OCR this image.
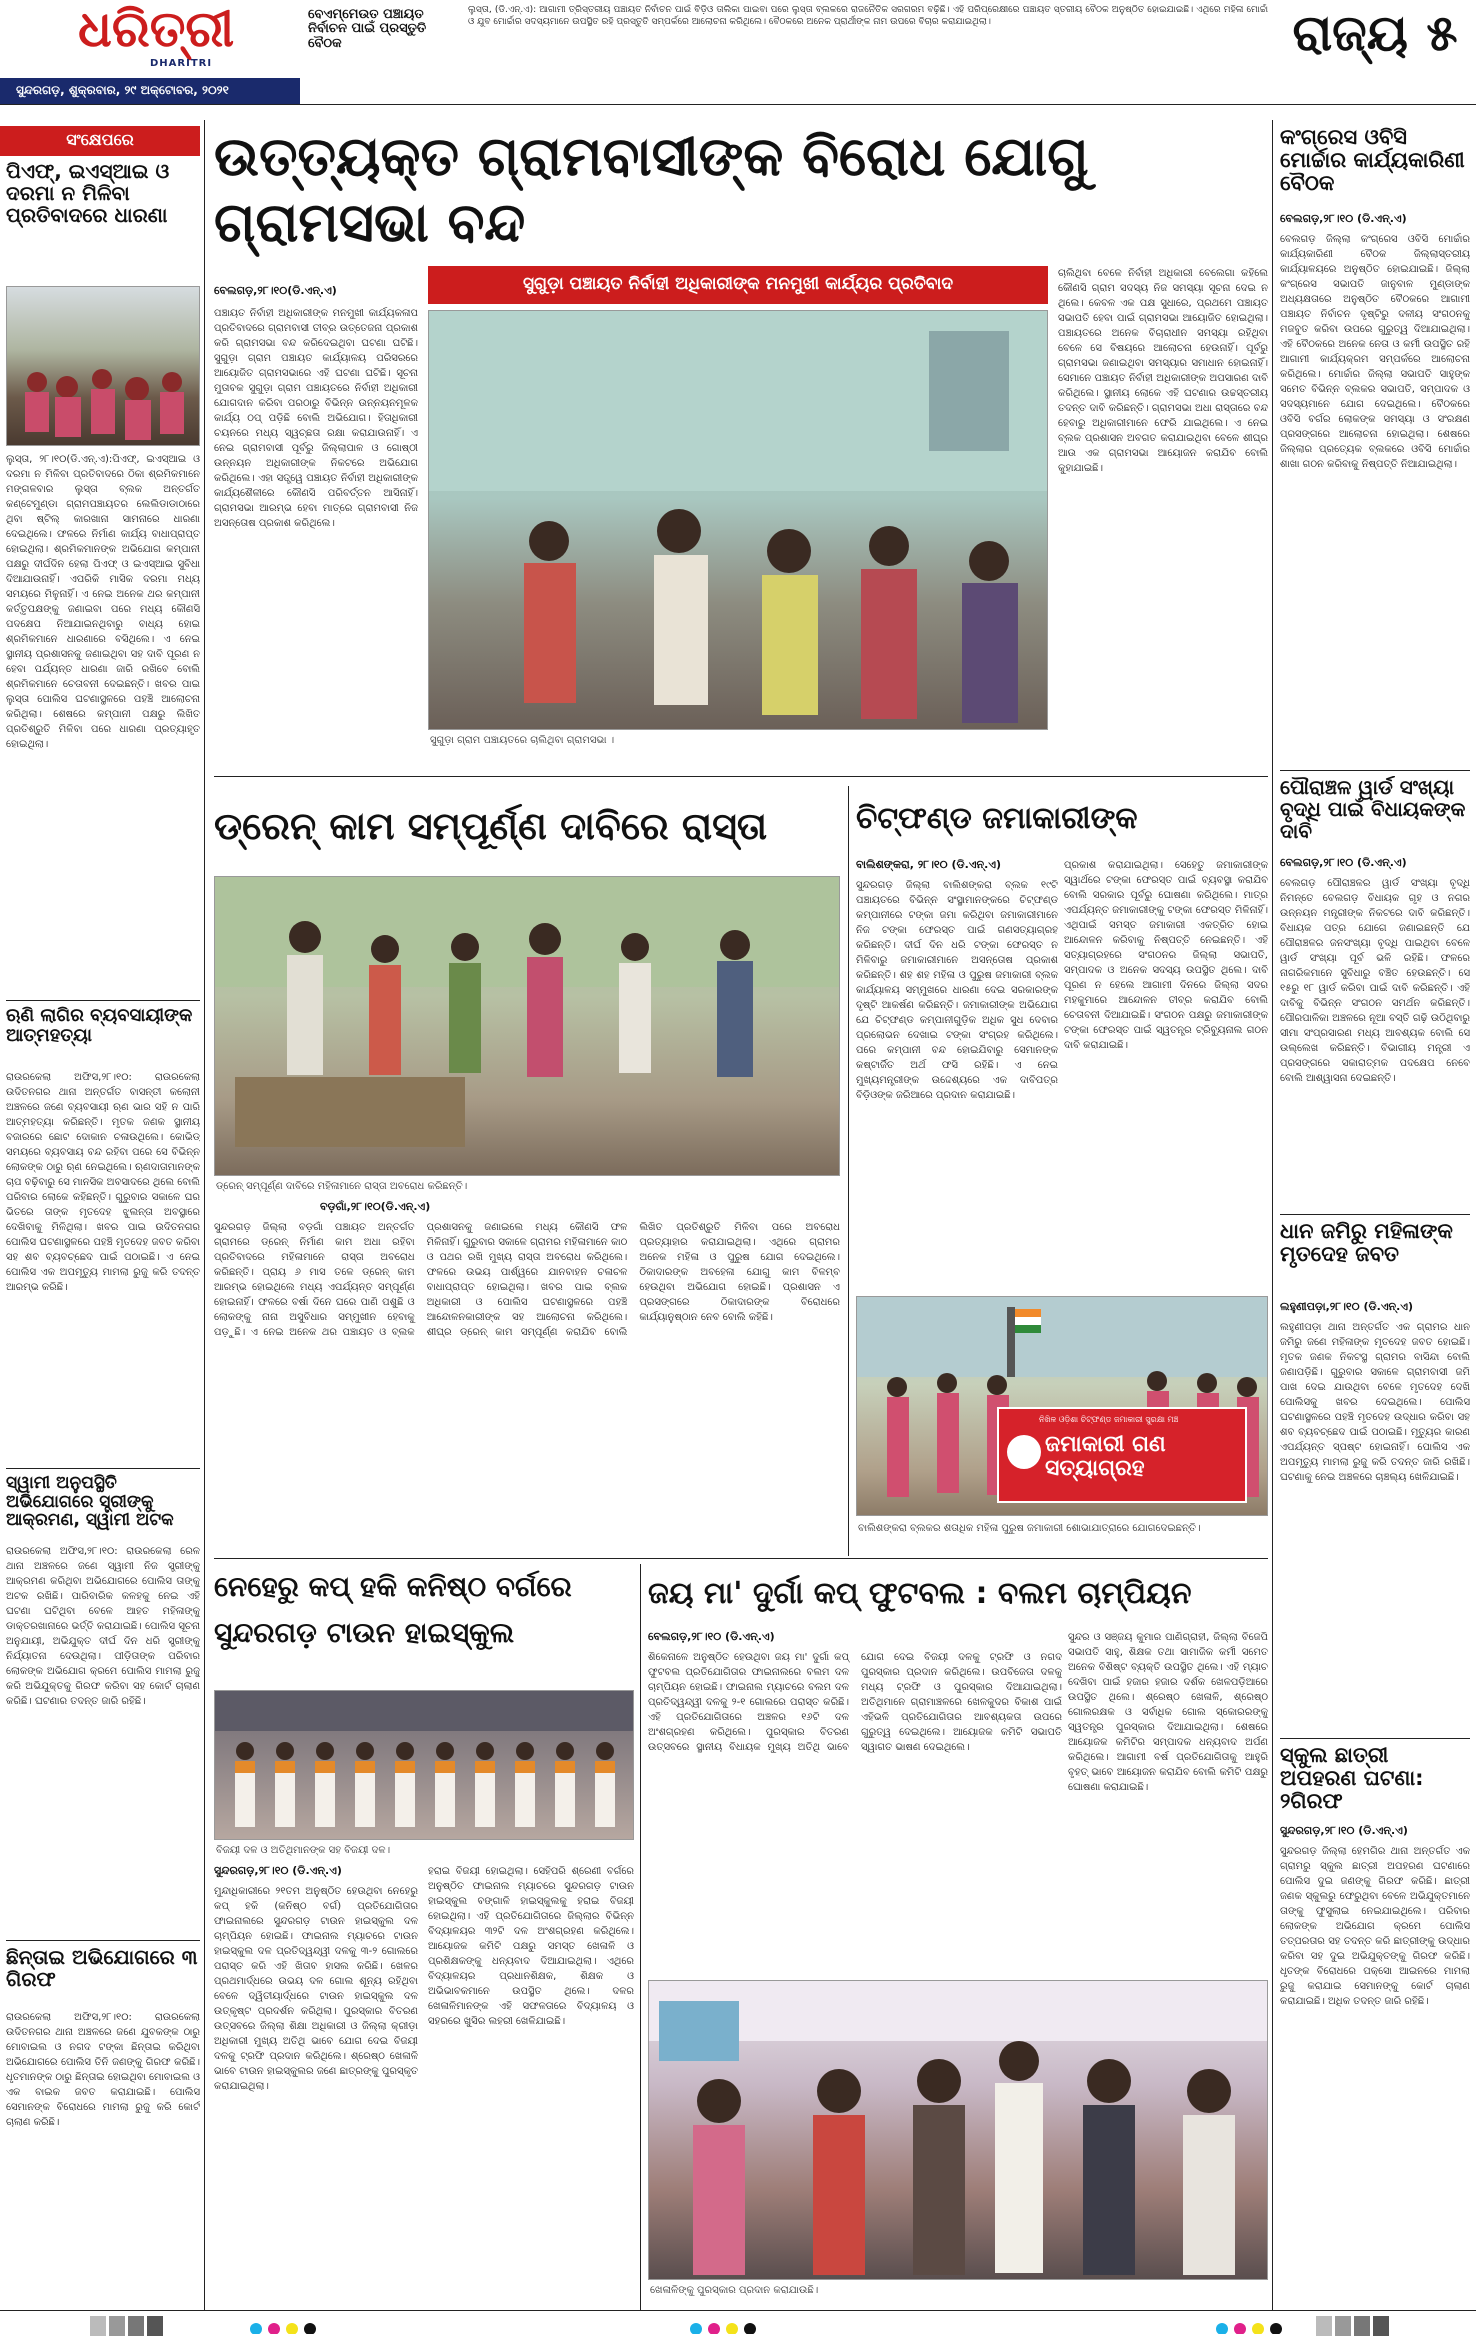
ଧରିତ୍ରୀ
DHARITRI
ସୁନ୍ଦରଗଡ଼, ଶୁକ୍ରବାର, ୨୯ ଅକ୍ଟୋବର, ୨୦୨୧
ବେଏମ୍‌ମେଉତ ପଞ୍ଚାୟତ ନିର୍ବାଚନ ପାଇଁ ପ୍ରସ୍ତୁତି ବୈଠକ
ଲୁସ୍ତା, (ଡି.ଏନ୍.ଏ): ଆଗାମୀ ତ୍ରିସ୍ତରୀୟ ପଞ୍ଚାୟତ ନିର୍ବାଚନ ପାଇଁ ବିଡ଼ିଓ ତାଲିକା ପାଇବା ପରେ ଲୁସ୍ତା ବ୍ଲକରେ ରାଜନୈତିକ ସରଗରମ ବଢ଼ିଛି। ଏହି ପରିପ୍ରେକ୍ଷୀରେ ପଞ୍ଚାୟତ ସ୍ତରୀୟ ବୈଠକ ଅନୁଷ୍ଠିତ ହୋଇଯାଇଛି। ଏଥିରେ ମହିଳା ମୋର୍ଚ୍ଚା ଓ ଯୁବ ମୋର୍ଚ୍ଚାର ସଦସ୍ୟମାନେ ଉପସ୍ଥିତ ରହି ପ୍ରସ୍ତୁତି ସମ୍ପର୍କରେ ଆଲୋଚନା କରିଥିଲେ। ବୈଠକରେ ଅନେକ ପ୍ରାର୍ଥୀଙ୍କ ନାମ ଉପରେ ବିଚାର କରାଯାଇଥିଲା।	ରାଜ୍ୟ ୫
ସଂକ୍ଷେପରେ
ପିଏଫ୍, ଇଏସ୍‌ଆଇ ଓ ଦରମା ନ ମିଳିବା ପ୍ରତିବାଦରେ ଧାରଣା
ଲୁସ୍ତା, ୨୮।୧୦(ଡି.ଏନ୍.ଏ):ପିଏଫ୍, ଇଏସ୍‌ଆଇ ଓ ଦରମା ନ ମିଳିବା ପ୍ରତିବାଦରେ ଠିକା ଶ୍ରମିକମାନେ ମଙ୍ଗଳବାର ଲୁସ୍ତା ବ୍ଲକ ଅନ୍ତର୍ଗତ କଣ୍ଟେମୁଣ୍ଡା ଗ୍ରାମପଞ୍ଚାୟତର ଲେଲିଡାଡାଠାରେ ଥିବା ଷ୍ଟିଲ୍ କାରଖାନା ସାମନାରେ ଧାରଣା ଦେଇଥିଲେ। ଫଳରେ ନିର୍ମାଣ କାର୍ଯ୍ୟ ବାଧାପ୍ରାପ୍ତ ହୋଇଥିଲା। ଶ୍ରମିକମାନଙ୍କ ଅଭିଯୋଗ କମ୍ପାନୀ ପକ୍ଷରୁ ଦୀର୍ଘଦିନ ହେଲା ପିଏଫ୍ ଓ ଇଏସ୍‌ଆଇ ସୁବିଧା ଦିଆଯାଉନାହିଁ। ଏପରିକି ମାସିକ ଦରମା ମଧ୍ୟ ସମୟରେ ମିଳୁନାହିଁ। ଏ ନେଇ ଅନେକ ଥର କମ୍ପାନୀ କର୍ତ୍ତୃପକ୍ଷଙ୍କୁ ଜଣାଇବା ପରେ ମଧ୍ୟ କୌଣସି ପଦକ୍ଷେପ ନିଆଯାଇନଥିବାରୁ ବାଧ୍ୟ ହୋଇ ଶ୍ରମିକମାନେ ଧାରଣାରେ ବସିଥିଲେ। ଏ ନେଇ ସ୍ଥାନୀୟ ପ୍ରଶାସନକୁ ଜଣାଇଥିବା ସହ ଦାବି ପୂରଣ ନ ହେବା ପର୍ଯ୍ୟନ୍ତ ଧାରଣା ଜାରି ରଖିବେ ବୋଲି ଶ୍ରମିକମାନେ ଚେତାବନୀ ଦେଇଛନ୍ତି। ଖବର ପାଇ ଲୁସ୍ତା ପୋଲିସ ଘଟଣାସ୍ଥଳରେ ପହଞ୍ଚି ଆଲୋଚନା କରିଥିଲା। ଶେଷରେ କମ୍ପାନୀ ପକ୍ଷରୁ ଲିଖିତ ପ୍ରତିଶ୍ରୁତି ମିଳିବା ପରେ ଧାରଣା ପ୍ରତ୍ୟାହୃତ ହୋଇଥିଲା।
ଋଣି ଲାଗିର ବ୍ୟବସାୟୀଙ୍କ ଆତ୍ମହତ୍ୟା
ରାଉରକେଲା ଅଫିସ,୨୮।୧୦: ରାଉରକେଲା ଉଦିତନଗର ଥାନା ଅନ୍ତର୍ଗତ ବାସନ୍ତୀ କଲୋନୀ ଅଞ୍ଚଳରେ ଜଣେ ବ୍ୟବସାୟୀ ଋଣ ଭାର ସହି ନ ପାରି ଆତ୍ମହତ୍ୟା କରିଛନ୍ତି। ମୃତକ ଜଣକ ସ୍ଥାନୀୟ ବଜାରରେ ଛୋଟ ଦୋକାନ ଚଳାଉଥିଲେ। କୋଭିଡ୍ ସମୟରେ ବ୍ୟବସାୟ ବନ୍ଦ ରହିବା ପରେ ସେ ବିଭିନ୍ନ ଲୋକଙ୍କ ଠାରୁ ଋଣ ନେଇଥିଲେ। ଋଣଦାତାମାନଙ୍କ ଚାପ ବଢ଼ିବାରୁ ସେ ମାନସିକ ଅବସାଦରେ ଥିଲେ ବୋଲି ପରିବାର ଲୋକେ କହିଛନ୍ତି। ଗୁରୁବାର ସକାଳେ ଘର ଭିତରେ ତାଙ୍କ ମୃତଦେହ ଝୁଲନ୍ତା ଅବସ୍ଥାରେ ଦେଖିବାକୁ ମିଳିଥିଲା। ଖବର ପାଇ ଉଦିତନଗର ପୋଲିସ ଘଟଣାସ୍ଥଳରେ ପହଞ୍ଚି ମୃତଦେହ ଜବତ କରିବା ସହ ଶବ ବ୍ୟବଚ୍ଛେଦ ପାଇଁ ପଠାଇଛି। ଏ ନେଇ ପୋଲିସ ଏକ ଅପମୃତ୍ୟୁ ମାମଲା ରୁଜୁ କରି ତଦନ୍ତ ଆରମ୍ଭ କରିଛି।
ସ୍ୱାମୀ ଅନୁପସ୍ଥିତି ଅଭିଯୋଗରେ ସ୍ତ୍ରୀଙ୍କୁ ଆକ୍ରମଣ, ସ୍ୱାମୀ ଅଟକ
ରାଉରକେଲା ଅଫିସ,୨୮।୧୦: ରାଉରକେଲା ରେଳ ଥାନା ଅଞ୍ଚଳରେ ଜଣେ ସ୍ୱାମୀ ନିଜ ସ୍ତ୍ରୀଙ୍କୁ ଆକ୍ରମଣ କରିଥିବା ଅଭିଯୋଗରେ ପୋଲିସ ତାଙ୍କୁ ଅଟକ ରଖିଛି। ପାରିବାରିକ କଳହକୁ ନେଇ ଏହି ଘଟଣା ଘଟିଥିବା ବେଳେ ଆହତ ମହିଳାଙ୍କୁ ଡାକ୍ତରଖାନାରେ ଭର୍ତ୍ତି କରାଯାଇଛି। ପୋଲିସ ସୂଚନା ଅନୁଯାୟୀ, ଅଭିଯୁକ୍ତ ଦୀର୍ଘ ଦିନ ଧରି ସ୍ତ୍ରୀଙ୍କୁ ନିର୍ଯ୍ୟାତନା ଦେଉଥିଲା। ପୀଡ଼ିତାଙ୍କ ପରିବାର ଲୋକଙ୍କ ଅଭିଯୋଗ କ୍ରମେ ପୋଲିସ ମାମଲା ରୁଜୁ କରି ଅଭିଯୁକ୍ତକୁ ଗିରଫ କରିବା ସହ କୋର୍ଟ ଚାଲାଣ କରିଛି। ଘଟଣାର ତଦନ୍ତ ଜାରି ରହିଛି।
ଛିନ୍ତାଇ ଅଭିଯୋଗରେ ୩ ଗିରଫ
ରାଉରକେଲା ଅଫିସ,୨୮।୧୦: ରାଉରକେଲା ଉଦିତନଗର ଥାନା ଅଞ୍ଚଳରେ ଜଣେ ଯୁବକଙ୍କ ଠାରୁ ମୋବାଇଲ ଓ ନଗଦ ଟଙ୍କା ଛିନ୍ତାଇ କରିଥିବା ଅଭିଯୋଗରେ ପୋଲିସ ତିନି ଜଣଙ୍କୁ ଗିରଫ କରିଛି। ଧୃତମାନଙ୍କ ଠାରୁ ଛିନ୍ତାଇ ହୋଇଥିବା ମୋବାଇଲ ଓ ଏକ ବାଇକ ଜବତ କରାଯାଇଛି। ପୋଲିସ ସେମାନଙ୍କ ବିରୋଧରେ ମାମଲା ରୁଜୁ କରି କୋର୍ଟ ଚାଲାଣ କରିଛି।
ଉତ୍ତ୍ୟକ୍ତ ଗ୍ରାମବାସୀଙ୍କ ବିରୋଧ ଯୋଗୁ ଗ୍ରାମସଭା ବନ୍ଦ
ସୁଗୁଡ଼ା ପଞ୍ଚାୟତ ନିର୍ବାହୀ ଅଧିକାରୀଙ୍କ ମନମୁଖୀ କାର୍ଯ୍ୟର ପ୍ରତିବାଦ
ବେଲଗଡ଼,୨୮।୧୦(ଡି.ଏନ୍.ଏ)
ପଞ୍ଚାୟତ ନିର୍ବାହୀ ଅଧିକାରୀଙ୍କ ମନମୁଖୀ କାର୍ଯ୍ୟକଳାପ ପ୍ରତିବାଦରେ ଗ୍ରାମବାସୀ ତୀବ୍ର ଉତ୍ତେଜନା ପ୍ରକାଶ କରି ଗ୍ରାମସଭା ବନ୍ଦ କରିଦେଇଥିବା ଘଟଣା ଘଟିଛି। ସୁଗୁଡ଼ା ଗ୍ରାମ ପଞ୍ଚାୟତ କାର୍ଯ୍ୟାଳୟ ପରିସରରେ ଆୟୋଜିତ ଗ୍ରାମସଭାରେ ଏହି ଘଟଣା ଘଟିଛି। ସୂଚନା ମୁତାବକ ସୁଗୁଡ଼ା ଗ୍ରାମ ପଞ୍ଚାୟତରେ ନିର୍ବାହୀ ଅଧିକାରୀ ଯୋଗଦାନ କରିବା ପରଠାରୁ ବିଭିନ୍ନ ଉନ୍ନୟନମୂଳକ କାର୍ଯ୍ୟ ଠପ୍ ପଡ଼ିଛି ବୋଲି ଅଭିଯୋଗ। ହିତାଧିକାରୀ ଚୟନରେ ମଧ୍ୟ ସ୍ୱଚ୍ଛତା ରକ୍ଷା କରାଯାଉନାହିଁ। ଏ ନେଇ ଗ୍ରାମବାସୀ ପୂର୍ବରୁ ଜିଲ୍ଲାପାଳ ଓ ଗୋଷ୍ଠୀ ଉନ୍ନୟନ ଅଧିକାରୀଙ୍କ ନିକଟରେ ଅଭିଯୋଗ କରିଥିଲେ। ଏହା ସତ୍ତ୍ୱେ ପଞ୍ଚାୟତ ନିର୍ବାହୀ ଅଧିକାରୀଙ୍କ କାର୍ଯ୍ୟଶୈଳୀରେ କୌଣସି ପରିବର୍ତ୍ତନ ଆସିନାହିଁ। ଗ୍ରାମସଭା ଆରମ୍ଭ ହେବା ମାତ୍ରେ ଗ୍ରାମବାସୀ ନିଜ ଅସନ୍ତୋଷ ପ୍ରକାଶ କରିଥିଲେ।
ସୁଗୁଡ଼ା ଗ୍ରାମ ପଞ୍ଚାୟତରେ ଚାଲିଥିବା ଗ୍ରାମସଭା ।
ଚାଲିଥିବା ବେଳେ ନିର୍ବାହୀ ଅଧିକାରୀ ବେଲେଗା କହିଲେ କୌଣସି ଗ୍ରାମ ସଦସ୍ୟ ନିଜ ସମସ୍ୟା ସୂଚନା ଦେଇ ନ ଥିଲେ। କେବଳ ଏକ ପକ୍ଷ ସୁଧାରେ, ପ୍ରଥମେ ପଞ୍ଚାୟତ ସଭାପତି ହେବା ପାଇଁ ଗ୍ରାମସଭା ଆୟୋଜିତ ହୋଇଥିଲା। ପଞ୍ଚାୟତରେ ଅନେକ ବିଚାରାଧୀନ ସମସ୍ୟା ରହିଥିବା ବେଳେ ସେ ବିଷୟରେ ଆଲୋଚନା ହେଉନାହିଁ। ପୂର୍ବରୁ ଗ୍ରାମସଭା ଜଣାଇଥିବା ସମସ୍ୟାର ସମାଧାନ ହୋଇନାହିଁ। ସେମାନେ ପଞ୍ଚାୟତ ନିର୍ବାହୀ ଅଧିକାରୀଙ୍କ ଅପସାରଣ ଦାବି କରିଥିଲେ। ସ୍ଥାନୀୟ ଲୋକେ ଏହି ଘଟଣାର ଉଚ୍ଚସ୍ତରୀୟ ତଦନ୍ତ ଦାବି କରିଛନ୍ତି। ଗ୍ରାମସଭା ଅଧା ରାସ୍ତାରେ ବନ୍ଦ ହେବାରୁ ଅଧିକାରୀମାନେ ଫେରି ଯାଇଥିଲେ। ଏ ନେଇ ବ୍ଲକ ପ୍ରଶାସନ ଅବଗତ କରାଯାଇଥିବା ବେଳେ ଶୀଘ୍ର ଆଉ ଏକ ଗ୍ରାମସଭା ଆୟୋଜନ କରାଯିବ ବୋଲି କୁହାଯାଇଛି।
କଂଗ୍ରେସ ଓବିସି ମୋର୍ଚ୍ଚାର କାର୍ଯ୍ୟକାରିଣୀ ବୈଠକ
ବେଲଗଡ଼,୨୮।୧୦ (ଡି.ଏନ୍.ଏ)
ବେଲଗଡ଼ ଜିଲ୍ଲା କଂଗ୍ରେସ ଓବିସି ମୋର୍ଚ୍ଚାର କାର୍ଯ୍ୟକାରିଣୀ ବୈଠକ ଜିଲ୍ଲାସ୍ତରୀୟ କାର୍ଯ୍ୟାଳୟରେ ଅନୁଷ୍ଠିତ ହୋଇଯାଇଛି। ଜିଲ୍ଲା କଂଗ୍ରେସ ସଭାପତି ଜାନୁବାଳ ମୁଣ୍ଡାଙ୍କ ଅଧ୍ୟକ୍ଷତାରେ ଅନୁଷ୍ଠିତ ବୈଠକରେ ଆଗାମୀ ପଞ୍ଚାୟତ ନିର୍ବାଚନ ଦୃଷ୍ଟିରୁ ଦଳୀୟ ସଂଗଠନକୁ ମଜବୁତ କରିବା ଉପରେ ଗୁରୁତ୍ୱ ଦିଆଯାଇଥିଲା। ଏହି ବୈଠକରେ ଅନେକ ନେତା ଓ କର୍ମୀ ଉପସ୍ଥିତ ରହି ଆଗାମୀ କାର୍ଯ୍ୟକ୍ରମ ସମ୍ପର୍କରେ ଆଲୋଚନା କରିଥିଲେ। ମୋର୍ଚ୍ଚାର ଜିଲ୍ଲା ସଭାପତି ସାହୁଙ୍କ ସମେତ ବିଭିନ୍ନ ବ୍ଲକର ସଭାପତି, ସମ୍ପାଦକ ଓ ସଦସ୍ୟମାନେ ଯୋଗ ଦେଇଥିଲେ। ବୈଠକରେ ଓବିସି ବର୍ଗର ଲୋକଙ୍କ ସମସ୍ୟା ଓ ସଂରକ୍ଷଣ ପ୍ରସଙ୍ଗରେ ଆଲୋଚନା ହୋଇଥିଲା। ଶେଷରେ ଜିଲ୍ଲାର ପ୍ରତ୍ୟେକ ବ୍ଲକରେ ଓବିସି ମୋର୍ଚ୍ଚାର ଶାଖା ଗଠନ କରିବାକୁ ନିଷ୍ପତ୍ତି ନିଆଯାଇଥିଲା।
ପୌରାଞ୍ଚଳ ୱାର୍ଡ ସଂଖ୍ୟା ବୃଦ୍ଧି ପାଇଁ ବିଧାୟକଙ୍କ ଦାବି
ବେଲଗଡ଼,୨୮।୧୦ (ଡି.ଏନ୍.ଏ)
ବେଲଗଡ଼ ପୌରାଞ୍ଚଳର ୱାର୍ଡ ସଂଖ୍ୟା ବୃଦ୍ଧି ନିମନ୍ତେ ବେଲଗଡ଼ ବିଧାୟକ ଗୃହ ଓ ନଗର ଉନ୍ନୟନ ମନ୍ତ୍ରୀଙ୍କ ନିକଟରେ ଦାବି କରିଛନ୍ତି। ବିଧାୟକ ପତ୍ର ଯୋଗେ ଜଣାଇଛନ୍ତି ଯେ ପୌରାଞ୍ଚଳର ଜନସଂଖ୍ୟା ବୃଦ୍ଧି ପାଇଥିବା ବେଳେ ୱାର୍ଡ ସଂଖ୍ୟା ପୂର୍ବ ଭଳି ରହିଛି। ଫଳରେ ନାଗରିକମାନେ ସୁବିଧାରୁ ବଞ୍ଚିତ ହେଉଛନ୍ତି। ସେ ୧୫ରୁ ୧୮ ୱାର୍ଡ କରିବା ପାଇଁ ଦାବି କରିଛନ୍ତି। ଏହି ଦାବିକୁ ବିଭିନ୍ନ ସଂଗଠନ ସମର୍ଥନ କରିଛନ୍ତି। ପୌରପାଳିକା ଅଞ୍ଚଳରେ ନୂଆ ବସ୍ତି ଗଢ଼ି ଉଠିଥିବାରୁ ସୀମା ସଂପ୍ରସାରଣ ମଧ୍ୟ ଆବଶ୍ୟକ ବୋଲି ସେ ଉଲ୍ଲେଖ କରିଛନ୍ତି। ବିଭାଗୀୟ ମନ୍ତ୍ରୀ ଏ ପ୍ରସଙ୍ଗରେ ସକାରାତ୍ମକ ପଦକ୍ଷେପ ନେବେ ବୋଲି ଆଶ୍ୱାସନା ଦେଇଛନ୍ତି।
ଧାନ ଜମିରୁ ମହିଳାଙ୍କ ମୃତଦେହ ଜବତ
ଲହୁଣୀପଡ଼ା,୨୮।୧୦ (ଡି.ଏନ୍.ଏ)
ଲହୁଣୀପଡ଼ା ଥାନା ଅନ୍ତର୍ଗତ ଏକ ଗ୍ରାମର ଧାନ ଜମିରୁ ଜଣେ ମହିଳାଙ୍କ ମୃତଦେହ ଜବତ ହୋଇଛି। ମୃତକ ଜଣକ ନିକଟସ୍ଥ ଗ୍ରାମର ବାସିନ୍ଦା ବୋଲି ଜଣାପଡ଼ିଛି। ଗୁରୁବାର ସକାଳେ ଗ୍ରାମବାସୀ ଜମି ପାଖ ଦେଇ ଯାଉଥିବା ବେଳେ ମୃତଦେହ ଦେଖି ପୋଲିସକୁ ଖବର ଦେଇଥିଲେ। ପୋଲିସ ଘଟଣାସ୍ଥଳରେ ପହଞ୍ଚି ମୃତଦେହ ଉଦ୍ଧାର କରିବା ସହ ଶବ ବ୍ୟବଚ୍ଛେଦ ପାଇଁ ପଠାଇଛି। ମୃତ୍ୟୁର କାରଣ ଏପର୍ଯ୍ୟନ୍ତ ସ୍ପଷ୍ଟ ହୋଇନାହିଁ। ପୋଲିସ ଏକ ଅପମୃତ୍ୟୁ ମାମଲା ରୁଜୁ କରି ତଦନ୍ତ ଜାରି ରଖିଛି। ଘଟଣାକୁ ନେଇ ଅଞ୍ଚଳରେ ଚାଞ୍ଚଲ୍ୟ ଖେଳିଯାଇଛି।
ସ୍କୁଲ ଛାତ୍ରୀ ଅପହରଣ ଘଟଣା: ୨ଗିରଫ
ସୁନ୍ଦରଗଡ଼,୨୮।୧୦ (ଡି.ଏନ୍.ଏ)
ସୁନ୍ଦରଗଡ଼ ଜିଲ୍ଲା ହେମଗିର ଥାନା ଅନ୍ତର୍ଗତ ଏକ ଗ୍ରାମରୁ ସ୍କୁଲ ଛାତ୍ରୀ ଅପହରଣ ଘଟଣାରେ ପୋଲିସ ଦୁଇ ଜଣଙ୍କୁ ଗିରଫ କରିଛି। ଛାତ୍ରୀ ଜଣକ ସ୍କୁଲରୁ ଫେରୁଥିବା ବେଳେ ଅଭିଯୁକ୍ତମାନେ ତାଙ୍କୁ ଫୁସୁଲାଇ ନେଇଯାଇଥିଲେ। ପରିବାର ଲୋକଙ୍କ ଅଭିଯୋଗ କ୍ରମେ ପୋଲିସ ତତ୍ପରତାର ସହ ତଦନ୍ତ କରି ଛାତ୍ରୀଙ୍କୁ ଉଦ୍ଧାର କରିବା ସହ ଦୁଇ ଅଭିଯୁକ୍ତଙ୍କୁ ଗିରଫ କରିଛି। ଧୃତଙ୍କ ବିରୋଧରେ ପକ୍ସୋ ଆଇନରେ ମାମଲା ରୁଜୁ କରାଯାଇ ସେମାନଙ୍କୁ କୋର୍ଟ ଚାଲାଣ କରାଯାଇଛି। ଅଧିକ ତଦନ୍ତ ଜାରି ରହିଛି।
ଡ୍ରେନ୍ କାମ ସମ୍ପୂର୍ଣ୍ଣ ଦାବିରେ ରାସ୍ତା
ଡ୍ରେନ୍ ସମ୍ପୂର୍ଣ୍ଣ ଦାବିରେ ମହିଳାମାନେ ରାସ୍ତା ଅବରୋଧ କରିଛନ୍ତି।
ବଡ଼ଗାଁ,୨୮।୧୦(ଡି.ଏନ୍.ଏ)
ସୁନ୍ଦରଗଡ଼ ଜିଲ୍ଲା ବଡ଼ଗାଁ ପଞ୍ଚାୟତ ଅନ୍ତର୍ଗତ ଗ୍ରାମରେ ଡ୍ରେନ୍ ନିର୍ମାଣ କାମ ଅଧା ରହିବା ପ୍ରତିବାଦରେ ମହିଳାମାନେ ରାସ୍ତା ଅବରୋଧ କରିଛନ୍ତି। ପ୍ରାୟ ୬ ମାସ ତଳେ ଡ୍ରେନ୍ କାମ ଆରମ୍ଭ ହୋଇଥିଲେ ମଧ୍ୟ ଏପର୍ଯ୍ୟନ୍ତ ସମ୍ପୂର୍ଣ୍ଣ ହୋଇନାହିଁ। ଫଳରେ ବର୍ଷା ଦିନେ ଘରେ ପାଣି ପଶୁଛି ଓ ଲୋକଙ୍କୁ ନାନା ଅସୁବିଧାର ସମ୍ମୁଖୀନ ହେବାକୁ ପଡ଼ୁଛି। ଏ ନେଇ ଅନେକ ଥର ପଞ୍ଚାୟତ ଓ ବ୍ଲକ ପ୍ରଶାସନକୁ ଜଣାଇଲେ ମଧ୍ୟ କୌଣସି ଫଳ ମିଳିନାହିଁ। ଗୁରୁବାର ସକାଳେ ଗ୍ରାମର ମହିଳାମାନେ କାଠ ଓ ପଥର ରଖି ମୁଖ୍ୟ ରାସ୍ତା ଅବରୋଧ କରିଥିଲେ। ଫଳରେ ଉଭୟ ପାର୍ଶ୍ୱରେ ଯାନବାହନ ଚଳାଚଳ ବାଧାପ୍ରାପ୍ତ ହୋଇଥିଲା। ଖବର ପାଇ ବ୍ଲକ ଅଧିକାରୀ ଓ ପୋଲିସ ଘଟଣାସ୍ଥଳରେ ପହଞ୍ଚି ଆନ୍ଦୋଳନକାରୀଙ୍କ ସହ ଆଲୋଚନା କରିଥିଲେ। ଶୀଘ୍ର ଡ୍ରେନ୍ କାମ ସମ୍ପୂର୍ଣ୍ଣ କରାଯିବ ବୋଲି ଲିଖିତ ପ୍ରତିଶ୍ରୁତି ମିଳିବା ପରେ ଅବରୋଧ ପ୍ରତ୍ୟାହାର କରାଯାଇଥିଲା। ଏଥିରେ ଗ୍ରାମର ଅନେକ ମହିଳା ଓ ପୁରୁଷ ଯୋଗ ଦେଇଥିଲେ। ଠିକାଦାରଙ୍କ ଅବହେଳା ଯୋଗୁ କାମ ବିଳମ୍ବ ହେଉଥିବା ଅଭିଯୋଗ ହୋଇଛି। ପ୍ରଶାସନ ଏ ପ୍ରସଙ୍ଗରେ ଠିକାଦାରଙ୍କ ବିରୋଧରେ କାର୍ଯ୍ୟାନୁଷ୍ଠାନ ନେବ ବୋଲି କହିଛି।
ଚିଟ୍‌ଫଣ୍ଡ ଜମାକାରୀଙ୍କ
ବାଲିଶଙ୍କରା, ୨୮।୧୦ (ଡି.ଏନ୍.ଏ)
ସୁନ୍ଦରଗଡ଼ ଜିଲ୍ଲା ବାଲିଶଙ୍କରା ବ୍ଲକ ୧୯ଟି ପଞ୍ଚାୟତରେ ବିଭିନ୍ନ ସଂସ୍ଥାମାନଙ୍କରେ ଚିଟ୍‌ଫଣ୍ଡ କମ୍ପାନୀରେ ଟଙ୍କା ଜମା କରିଥିବା ଜମାକାରୀମାନେ ନିଜ ଟଙ୍କା ଫେରସ୍ତ ପାଇଁ ଗଣସତ୍ୟାଗ୍ରହ କରିଛନ୍ତି। ଦୀର୍ଘ ଦିନ ଧରି ଟଙ୍କା ଫେରସ୍ତ ନ ମିଳିବାରୁ ଜମାକାରୀମାନେ ଅସନ୍ତୋଷ ପ୍ରକାଶ କରିଛନ୍ତି। ଶହ ଶହ ମହିଳା ଓ ପୁରୁଷ ଜମାକାରୀ ବ୍ଲକ କାର୍ଯ୍ୟାଳୟ ସମ୍ମୁଖରେ ଧାରଣା ଦେଇ ସରକାରଙ୍କ ଦୃଷ୍ଟି ଆକର୍ଷଣ କରିଛନ୍ତି। ଜମାକାରୀଙ୍କ ଅଭିଯୋଗ ଯେ ଚିଟ୍‌ଫଣ୍ଡ କମ୍ପାନୀଗୁଡ଼ିକ ଅଧିକ ସୁଧ ଦେବାର ପ୍ରଲୋଭନ ଦେଖାଇ ଟଙ୍କା ସଂଗ୍ରହ କରିଥିଲେ। ପରେ କମ୍ପାନୀ ବନ୍ଦ ହୋଇଯିବାରୁ ସେମାନଙ୍କ କଷ୍ଟାର୍ଜିତ ଅର୍ଥ ଫସି ରହିଛି। ଏ ନେଇ ମୁଖ୍ୟମନ୍ତ୍ରୀଙ୍କ ଉଦ୍ଦେଶ୍ୟରେ ଏକ ଦାବିପତ୍ର ବିଡ଼ିଓଙ୍କ ଜରିଆରେ ପ୍ରଦାନ କରାଯାଇଛି।
ପ୍ରକାଶ କରାଯାଇଥିଲା। ସେହେତୁ ଜମାକାରୀଙ୍କ ସ୍ୱାର୍ଥରେ ଟଙ୍କା ଫେରସ୍ତ ପାଇଁ ବ୍ୟବସ୍ଥା କରାଯିବ ବୋଲି ସରକାର ପୂର୍ବରୁ ଘୋଷଣା କରିଥିଲେ। ମାତ୍ର ଏପର୍ଯ୍ୟନ୍ତ ଜମାକାରୀଙ୍କୁ ଟଙ୍କା ଫେରସ୍ତ ମିଳିନାହିଁ। ଏଥିପାଇଁ ସମସ୍ତ ଜମାକାରୀ ଏକତ୍ରିତ ହୋଇ ଆନ୍ଦୋଳନ କରିବାକୁ ନିଷ୍ପତ୍ତି ନେଇଛନ୍ତି। ଏହି ସତ୍ୟାଗ୍ରହରେ ସଂଗଠନର ଜିଲ୍ଲା ସଭାପତି, ସମ୍ପାଦକ ଓ ଅନେକ ସଦସ୍ୟ ଉପସ୍ଥିତ ଥିଲେ। ଦାବି ପୂରଣ ନ ହେଲେ ଆଗାମୀ ଦିନରେ ଜିଲ୍ଲା ସଦର ମହକୁମାରେ ଆନ୍ଦୋଳନ ତୀବ୍ର କରାଯିବ ବୋଲି ଚେତାବନୀ ଦିଆଯାଇଛି। ସଂଗଠନ ପକ୍ଷରୁ ଜମାକାରୀଙ୍କ ଟଙ୍କା ଫେରସ୍ତ ପାଇଁ ସ୍ୱତନ୍ତ୍ର ଟ୍ରିବ୍ୟୁନାଲ ଗଠନ ଦାବି କରାଯାଇଛି।
ନିଖିଳ ଓଡ଼ିଶା ଚିଟ୍‌ଫଣ୍ଡ ଜମାକାରୀ ସୁରକ୍ଷା ମଞ୍ଚ
ଜମାକାରୀ ଗଣ ସତ୍ୟାଗ୍ରହ
ବାଲିଶଙ୍କରା ବ୍ଲକର ଶତାଧିକ ମହିଳା ପୁରୁଷ ଜମାକାରୀ ଶୋଭାଯାତ୍ରାରେ ଯୋଗଦେଇଛନ୍ତି।
ନେହେରୁ କପ୍ ହକି କନିଷ୍ଠ ବର୍ଗରେ ସୁନ୍ଦରଗଡ଼ ଟାଉନ ହାଇସ୍କୁଲ
ବିଜୟୀ ଦଳ ଓ ଅତିଥିମାନଙ୍କ ସହ ବିଜୟୀ ଦଳ।
ସୁନ୍ଦରଗଡ଼,୨୮।୧୦ (ଡି.ଏନ୍.ଏ)
ମୁନ୍ଦାଧିକାରୀରେ ୨୧ତମ ଅନୁଷ୍ଠିତ ହେଉଥିବା ନେହେରୁ କପ୍ ହକି (କନିଷ୍ଠ ବର୍ଗ) ପ୍ରତିଯୋଗିତାର ଫାଇନାଲରେ ସୁନ୍ଦରଗଡ଼ ଟାଉନ ହାଇସ୍କୁଲ ଦଳ ଚାମ୍ପିୟନ ହୋଇଛି। ଫାଇନାଲ ମ୍ୟାଚରେ ଟାଉନ ହାଇସ୍କୁଲ ଦଳ ପ୍ରତିଦ୍ୱନ୍ଦ୍ୱୀ ଦଳକୁ ୩-୨ ଗୋଲରେ ପରାସ୍ତ କରି ଏହି ଖିତାବ ହାସଲ କରିଛି। ଖେଳର ପ୍ରଥମାର୍ଦ୍ଧରେ ଉଭୟ ଦଳ ଗୋଲ ଶୂନ୍ୟ ରହିଥିବା ବେଳେ ଦ୍ୱିତୀୟାର୍ଦ୍ଧରେ ଟାଉନ ହାଇସ୍କୁଲ ଦଳ ଉତ୍କୃଷ୍ଟ ପ୍ରଦର୍ଶନ କରିଥିଲା। ପୁରସ୍କାର ବିତରଣ ଉତ୍ସବରେ ଜିଲ୍ଲା ଶିକ୍ଷା ଅଧିକାରୀ ଓ ଜିଲ୍ଲା କ୍ରୀଡ଼ା ଅଧିକାରୀ ମୁଖ୍ୟ ଅତିଥି ଭାବେ ଯୋଗ ଦେଇ ବିଜୟୀ ଦଳକୁ ଟ୍ରଫି ପ୍ରଦାନ କରିଥିଲେ। ଶ୍ରେଷ୍ଠ ଖେଳାଳି ଭାବେ ଟାଉନ ହାଇସ୍କୁଲର ଜଣେ ଛାତ୍ରଙ୍କୁ ପୁରସ୍କୃତ କରାଯାଇଥିଲା।
ହରାଇ ବିଜୟୀ ହୋଇଥିଲା। ସେହିପରି ଶ୍ରେଣୀ ବର୍ଗରେ ଅନୁଷ୍ଠିତ ଫାଇନାଲ ମ୍ୟାଚରେ ସୁନ୍ଦରଗଡ଼ ଟାଉନ ହାଇସ୍କୁଲ ବଙ୍ଗାଳି ହାଇସ୍କୁଲକୁ ହରାଇ ବିଜୟୀ ହୋଇଥିଲା। ଏହି ପ୍ରତିଯୋଗିତାରେ ଜିଲ୍ଲାର ବିଭିନ୍ନ ବିଦ୍ୟାଳୟର ୩୨ଟି ଦଳ ଅଂଶଗ୍ରହଣ କରିଥିଲେ। ଆୟୋଜକ କମିଟି ପକ୍ଷରୁ ସମସ୍ତ ଖେଳାଳି ଓ ପ୍ରଶିକ୍ଷକଙ୍କୁ ଧନ୍ୟବାଦ ଦିଆଯାଇଥିଲା। ଏଥିରେ ବିଦ୍ୟାଳୟର ପ୍ରଧାନଶିକ୍ଷକ, ଶିକ୍ଷକ ଓ ଅଭିଭାବକମାନେ ଉପସ୍ଥିତ ଥିଲେ। ଦଳର ଖେଳାଳିମାନଙ୍କ ଏହି ସଫଳତାରେ ବିଦ୍ୟାଳୟ ଓ ସହରରେ ଖୁସିର ଲହରୀ ଖେଳିଯାଇଛି।
ଜୟ ମା' ଦୁର୍ଗା କପ୍ ଫୁଟବଲ : ବଲମ ଚାମ୍ପିୟନ
ବେଲଗଡ଼,୨୮।୧୦ (ଡି.ଏନ୍.ଏ)
ଶିକେନାଳେ ଅନୁଷ୍ଠିତ ହେଉଥିବା ଜୟ ମା' ଦୁର୍ଗା କପ୍ ଫୁଟବଲ ପ୍ରତିଯୋଗିତାର ଫାଇନାଲରେ ବଲମ ଦଳ ଚାମ୍ପିୟନ ହୋଇଛି। ଫାଇନାଲ ମ୍ୟାଚରେ ବଲମ ଦଳ ପ୍ରତିଦ୍ୱନ୍ଦ୍ୱୀ ଦଳକୁ ୨-୧ ଗୋଲରେ ପରାସ୍ତ କରିଛି। ଏହି ପ୍ରତିଯୋଗିତାରେ ଅଞ୍ଚଳର ୧୬ଟି ଦଳ ଅଂଶଗ୍ରହଣ କରିଥିଲେ। ପୁରସ୍କାର ବିତରଣ ଉତ୍ସବରେ ସ୍ଥାନୀୟ ବିଧାୟକ ମୁଖ୍ୟ ଅତିଥି ଭାବେ ଯୋଗ ଦେଇ ବିଜୟୀ ଦଳକୁ ଟ୍ରଫି ଓ ନଗଦ ପୁରସ୍କାର ପ୍ରଦାନ କରିଥିଲେ। ଉପବିଜେତା ଦଳକୁ ମଧ୍ୟ ଟ୍ରଫି ଓ ପୁରସ୍କାର ଦିଆଯାଇଥିଲା। ଅତିଥିମାନେ ଗ୍ରାମାଞ୍ଚଳରେ ଖେଳକୁଦର ବିକାଶ ପାଇଁ ଏହିଭଳି ପ୍ରତିଯୋଗିତାର ଆବଶ୍ୟକତା ଉପରେ ଗୁରୁତ୍ୱ ଦେଇଥିଲେ। ଆୟୋଜକ କମିଟି ସଭାପତି ସ୍ୱାଗତ ଭାଷଣ ଦେଇଥିଲେ।
ସୁନ୍ଦର ଓ ସଞ୍ଜୟ କୁମାର ପାଣିଗ୍ରାହୀ, ଜିଲ୍ଲା ବିଜେପି ସଭାପତି ସାହୁ, ଶିକ୍ଷକ ତଥା ସାମାଜିକ କର୍ମୀ ସମେତ ଅନେକ ବିଶିଷ୍ଟ ବ୍ୟକ୍ତି ଉପସ୍ଥିତ ଥିଲେ। ଏହି ମ୍ୟାଚ ଦେଖିବା ପାଇଁ ହଜାର ହଜାର ଦର୍ଶକ ଖେଳପଡ଼ିଆରେ ଉପସ୍ଥିତ ଥିଲେ। ଶ୍ରେଷ୍ଠ ଖେଳାଳି, ଶ୍ରେଷ୍ଠ ଗୋଲରକ୍ଷକ ଓ ସର୍ବାଧିକ ଗୋଲ ସ୍କୋରରଙ୍କୁ ସ୍ୱତନ୍ତ୍ର ପୁରସ୍କାର ଦିଆଯାଇଥିଲା। ଶେଷରେ ଆୟୋଜକ କମିଟିର ସମ୍ପାଦକ ଧନ୍ୟବାଦ ଅର୍ପଣ କରିଥିଲେ। ଆଗାମୀ ବର୍ଷ ପ୍ରତିଯୋଗିତାକୁ ଆହୁରି ବୃହତ୍ ଭାବେ ଆୟୋଜନ କରାଯିବ ବୋଲି କମିଟି ପକ୍ଷରୁ ଘୋଷଣା କରାଯାଇଛି।
ଖେଳାଳିଙ୍କୁ ପୁରସ୍କାର ପ୍ରଦାନ କରାଯାଉଛି।
